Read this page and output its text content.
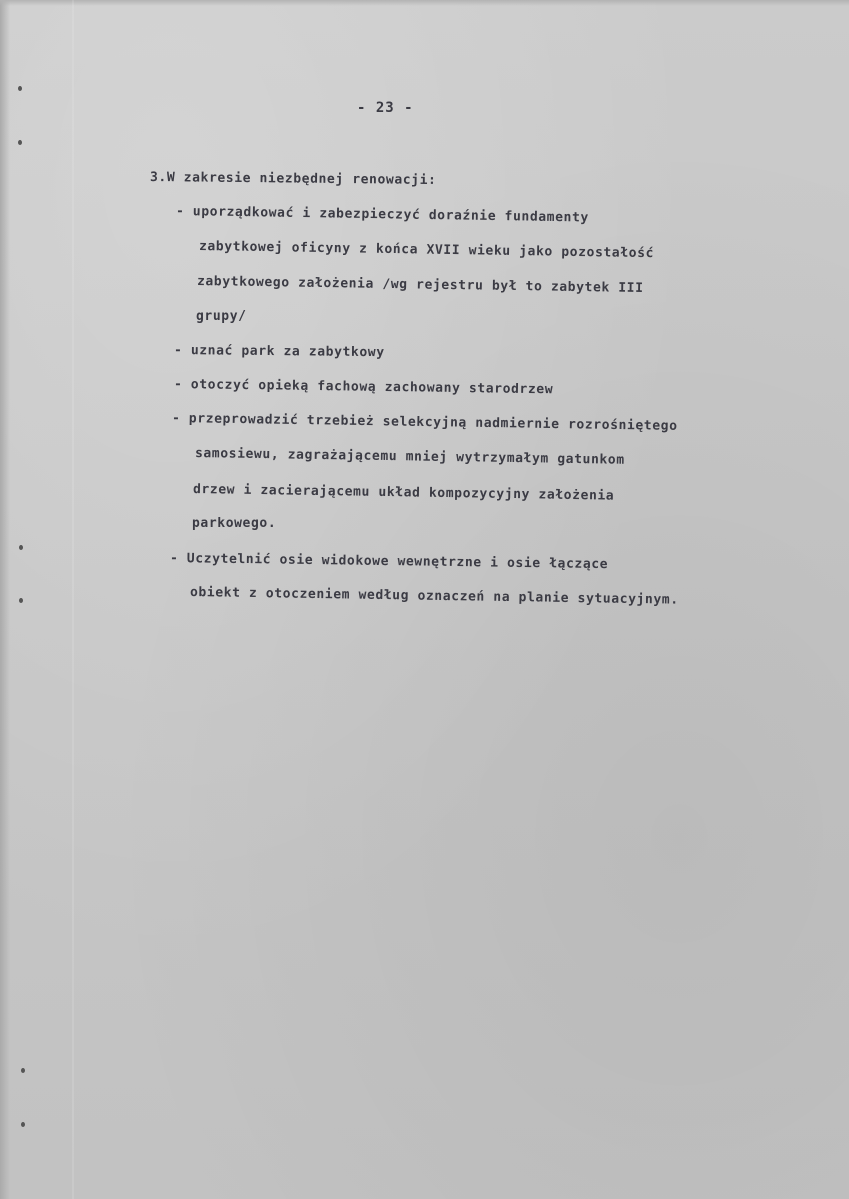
- 23 -
3.W zakresie niezbędnej renowacji:
- uporządkować i zabezpieczyć doraźnie fundamenty
zabytkowej oficyny z końca XVII wieku jako pozostałość
zabytkowego założenia /wg rejestru był to zabytek III
grupy/
- uznać park za zabytkowy
- otoczyć opieką fachową zachowany starodrzew
- przeprowadzić trzebież selekcyjną nadmiernie rozrośniętego
samosiewu, zagrażającemu mniej wytrzymałym gatunkom
drzew i zacierającemu układ kompozycyjny założenia
parkowego.
- Uczytelnić osie widokowe wewnętrzne i osie łączące
obiekt z otoczeniem według oznaczeń na planie sytuacyjnym.
